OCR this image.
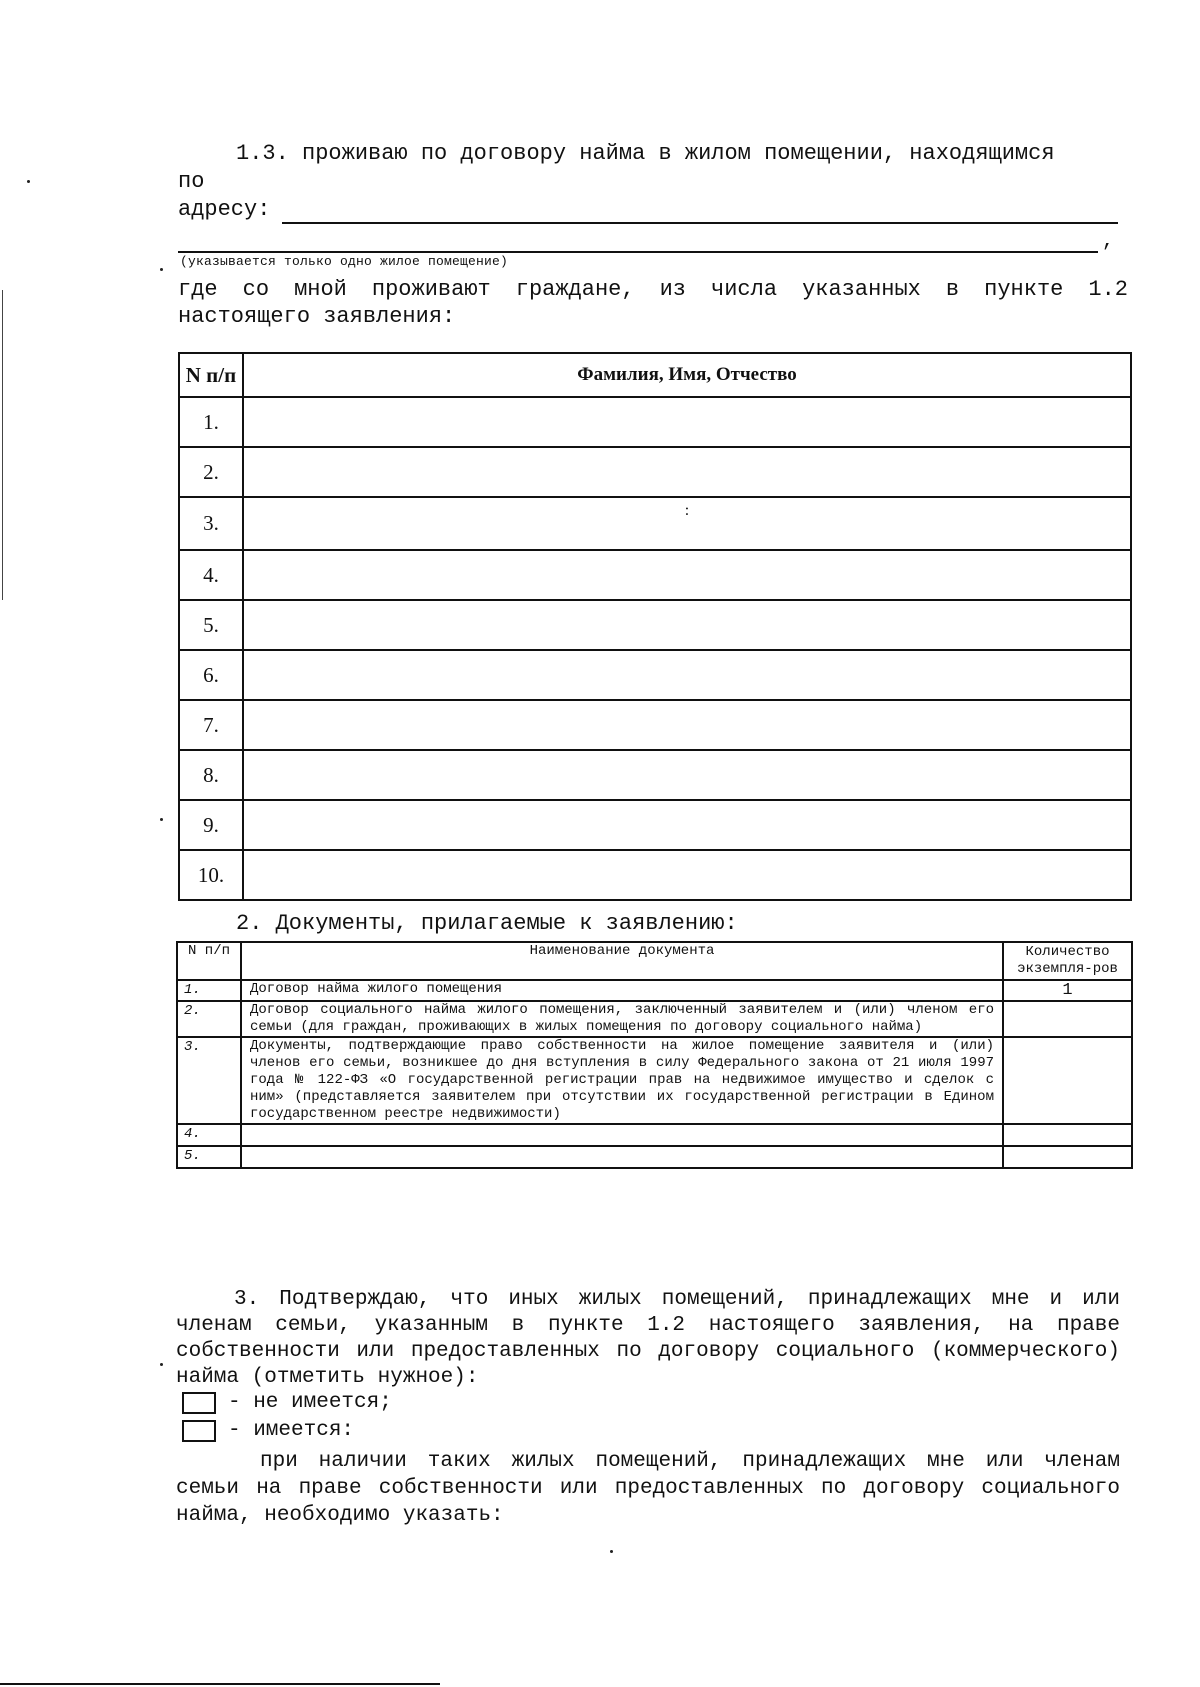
1.3. проживаю по договору найма в жилом помещении, находящимся
по
адресу:
,
(указывается только одно жилое помещение)
где со мной проживают граждане, из числа указанных в пункте 1.2 настоящего заявления:
N п/п	Фамилия, Имя, Отчество
1.	
2.	
3.	:
4.	
5.	
6.	
7.	
8.	
9.	
10.	
2. Документы, прилагаемые к заявлению:
N п/п	Наименование документа	Количество экземпля-ров
1.	Договор найма жилого помещения	1
2.	Договор социального найма жилого помещения, заключенный заявителем и (или) членом его семьи (для граждан, проживающих в жилых помещения по договору социального найма)	
3.	Документы, подтверждающие право собственности на жилое помещение заявителя и (или) членов его семьи, возникшее до дня вступления в силу Федерального закона от 21 июля 1997 года № 122-ФЗ «О государственной регистрации прав на недвижимое имущество и сделок с ним» (представляется заявителем при отсутствии их государственной регистрации в Едином государственном реестре недвижимости)	
4.		
5.		
3. Подтверждаю, что иных жилых помещений, принадлежащих мне и или членам семьи, указанным в пункте 1.2 настоящего заявления, на праве собственности или предоставленных по договору социального (коммерческого) найма (отметить нужное):
- не имеется;
- имеется:
при наличии таких жилых помещений, принадлежащих мне или членам семьи на праве собственности или предоставленных по договору социального найма, необходимо указать:
